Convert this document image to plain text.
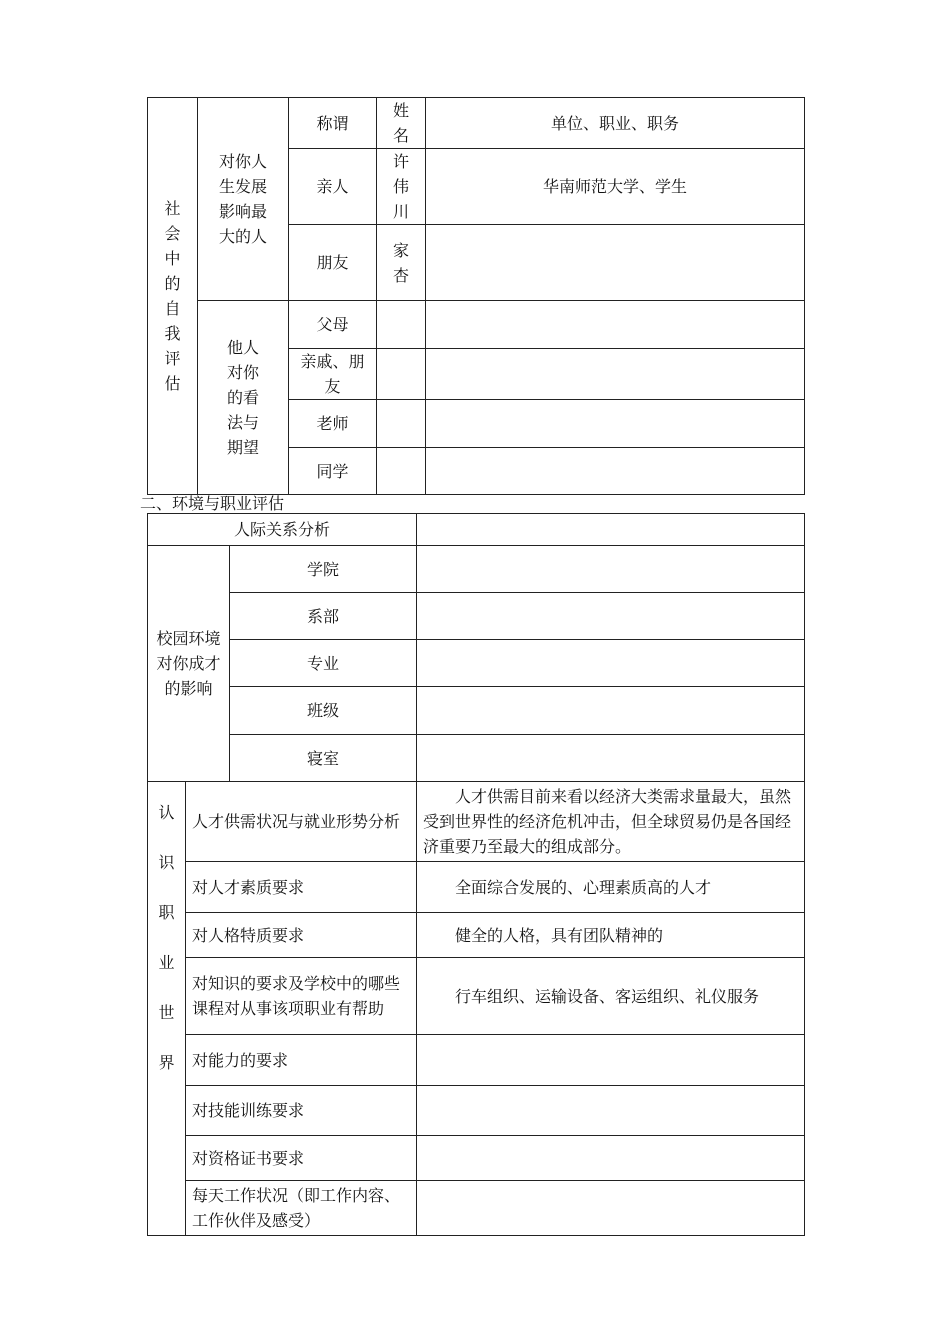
社会中的自我评估	对你人生发展影响最大的人	称谓	姓名	单位、职业、职务
		亲人	许伟川	华南师范大学、学生
		朋友	家杏	

	他人对你的看法与期望	父母		

		亲戚、朋友		

		老师		
		同学		
二、环境与职业评估
人际关系分析			

校园环境对你成才的影响		学院	
		系部	
		专业	
		班级	
		寝室	

认识职业世界	人才供需状况与就业形势分析		人才供需目前来看以经济大类需求量最大，虽然受到世界性的经济危机冲击，但全球贸易仍是各国经济重要乃至最大的组成部分。
	对人才素质要求		全面综合发展的、心理素质高的人才
	对人格特质要求		健全的人格，具有团队精神的
	对知识的要求及学校中的哪些课程对从事该项职业有帮助		行车组织、运输设备、客运组织、礼仪服务
	对能力的要求		
	对技能训练要求		
	对资格证书要求		
	每天工作状况（即工作内容、工作伙伴及感受）		
